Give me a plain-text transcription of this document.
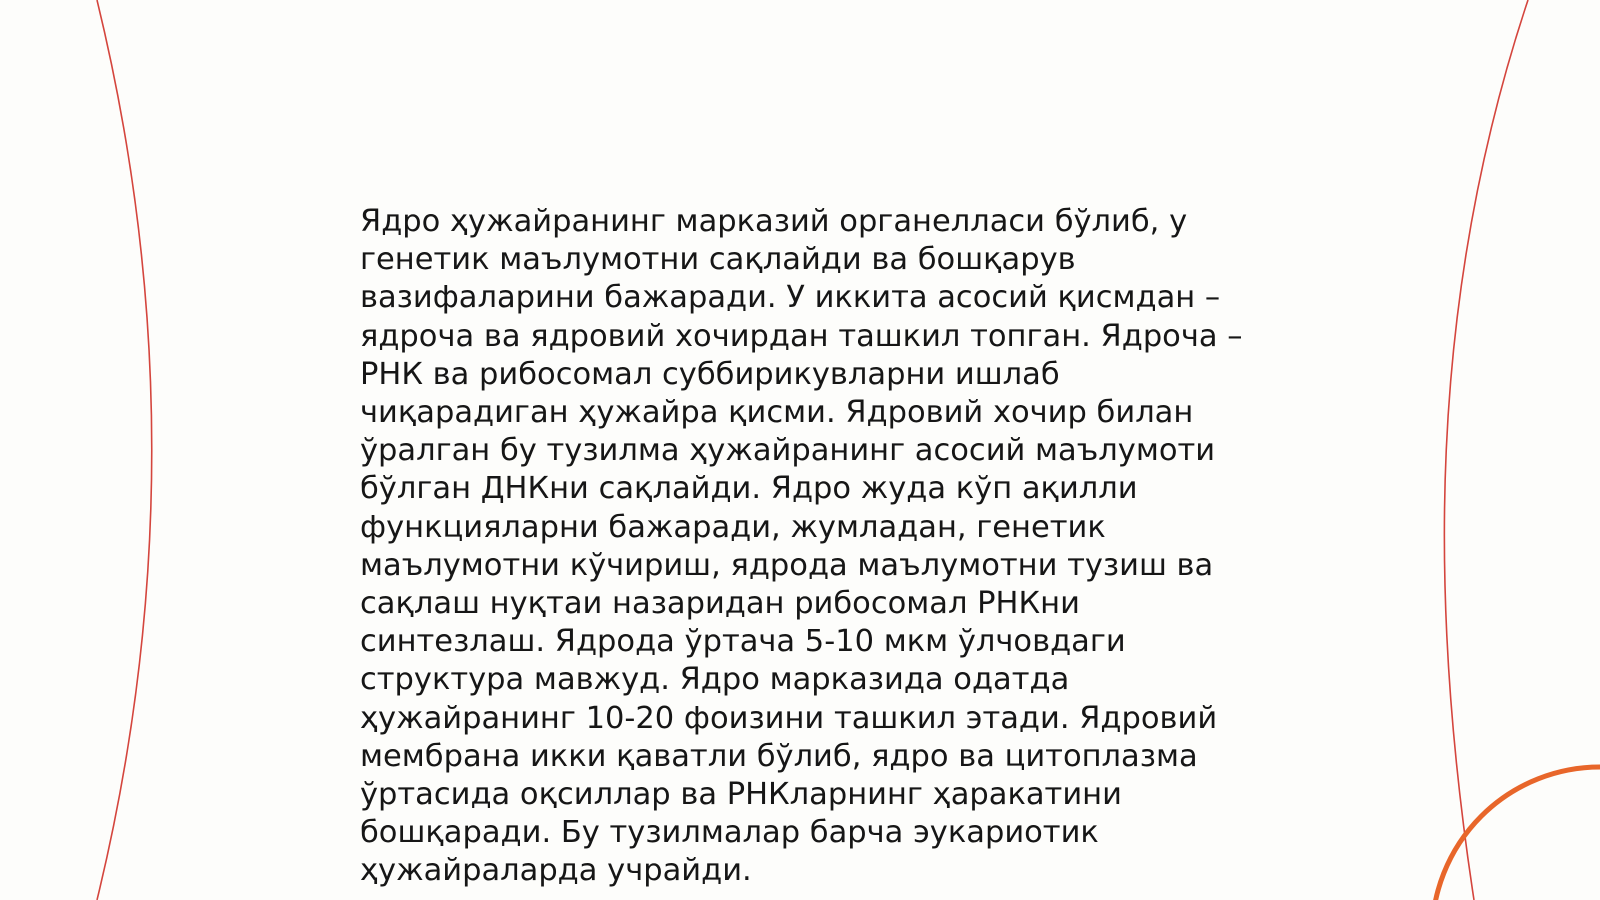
Ядро ҳужайранинг марказий органелласи бўлиб, у
генетик маълумотни сақлайди ва бошқарув
вазифаларини бажаради. У иккита асосий қисмдан –
ядроча ва ядровий хочирдан ташкил топган. Ядроча –
РНК ва рибосомал суббирикувларни ишлаб
чиқарадиган ҳужайра қисми. Ядровий хочир билан
ўралган бу тузилма ҳужайранинг асосий маълумоти
бўлган ДНКни сақлайди. Ядро жуда кўп ақилли
функцияларни бажаради, жумладан, генетик
маълумотни кўчириш, ядрода маълумотни тузиш ва
сақлаш нуқтаи назаридан рибосомал РНКни
синтезлаш. Ядрода ўртача 5-10 мкм ўлчовдаги
структура мавжуд. Ядро марказида одатда
ҳужайранинг 10-20 фоизини ташкил этади. Ядровий
мембрана икки қаватли бўлиб, ядро ва цитоплазма
ўртасида оқсиллар ва РНКларнинг ҳаракатини
бошқаради. Бу тузилмалар барча эукариотик
ҳужайраларда учрайди.
